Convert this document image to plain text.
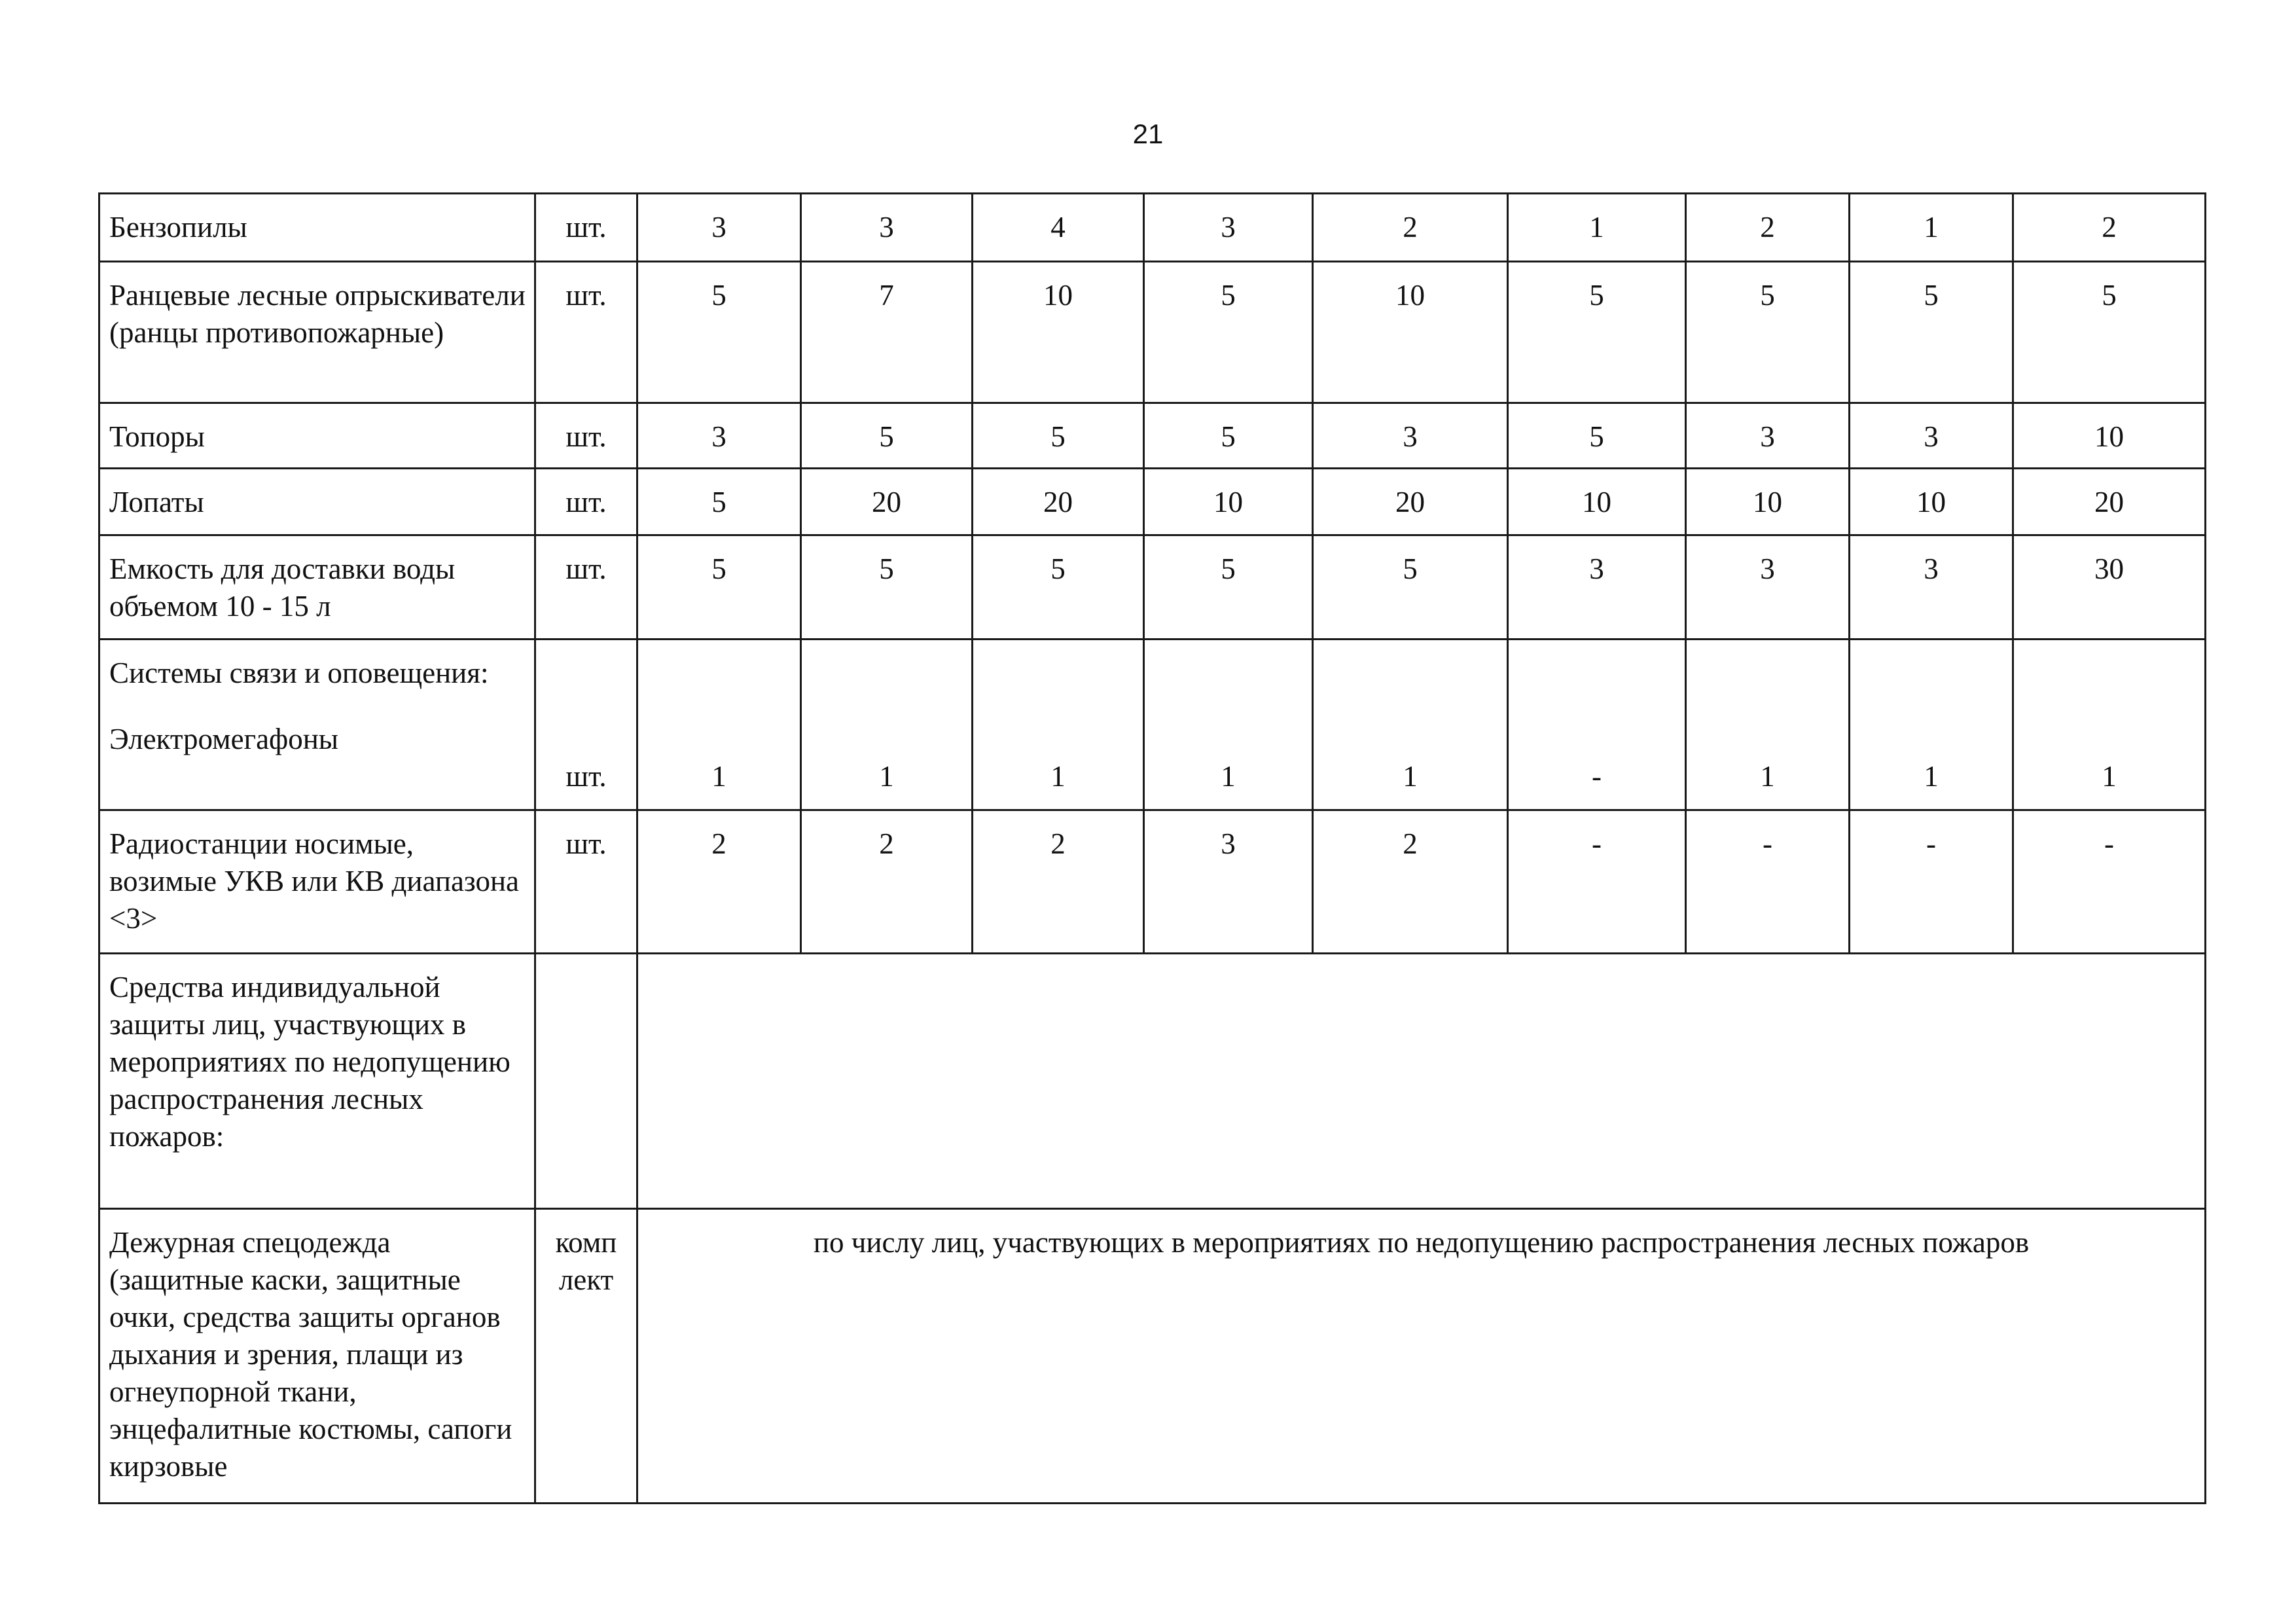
21
Бензопилы	шт.	3	3	4	3	2	1	2	1	2
Ранцевые лесные опрыскиватели (ранцы противопожарные)	шт.	5	7	10	5	10	5	5	5	5
Топоры	шт.	3	5	5	5	3	5	3	3	10
Лопаты	шт.	5	20	20	10	20	10	10	10	20
Емкость для доставки воды объемом 10 - 15 л	шт.	5	5	5	5	5	3	3	3	30

Системы связи и оповещения:
Электромегафоны	шт.	1	1	1	1	1	-	1	1	1
Радиостанции носимые, возимые УКВ или КВ диапазона <3>	шт.	2	2	2	3	2	-	-	-	-
Средства индивидуальной защиты лиц, участвующих в мероприятиях по недопущению распространения лесных пожаров:										
Дежурная спецодежда (защитные каски, защитные очки, средства защиты органов дыхания и зрения, плащи из огнеупорной ткани, энцефалитные костюмы, сапоги кирзовые	комп лект	по числу лиц, участвующих в мероприятиях по недопущению распространения лесных пожаров								
